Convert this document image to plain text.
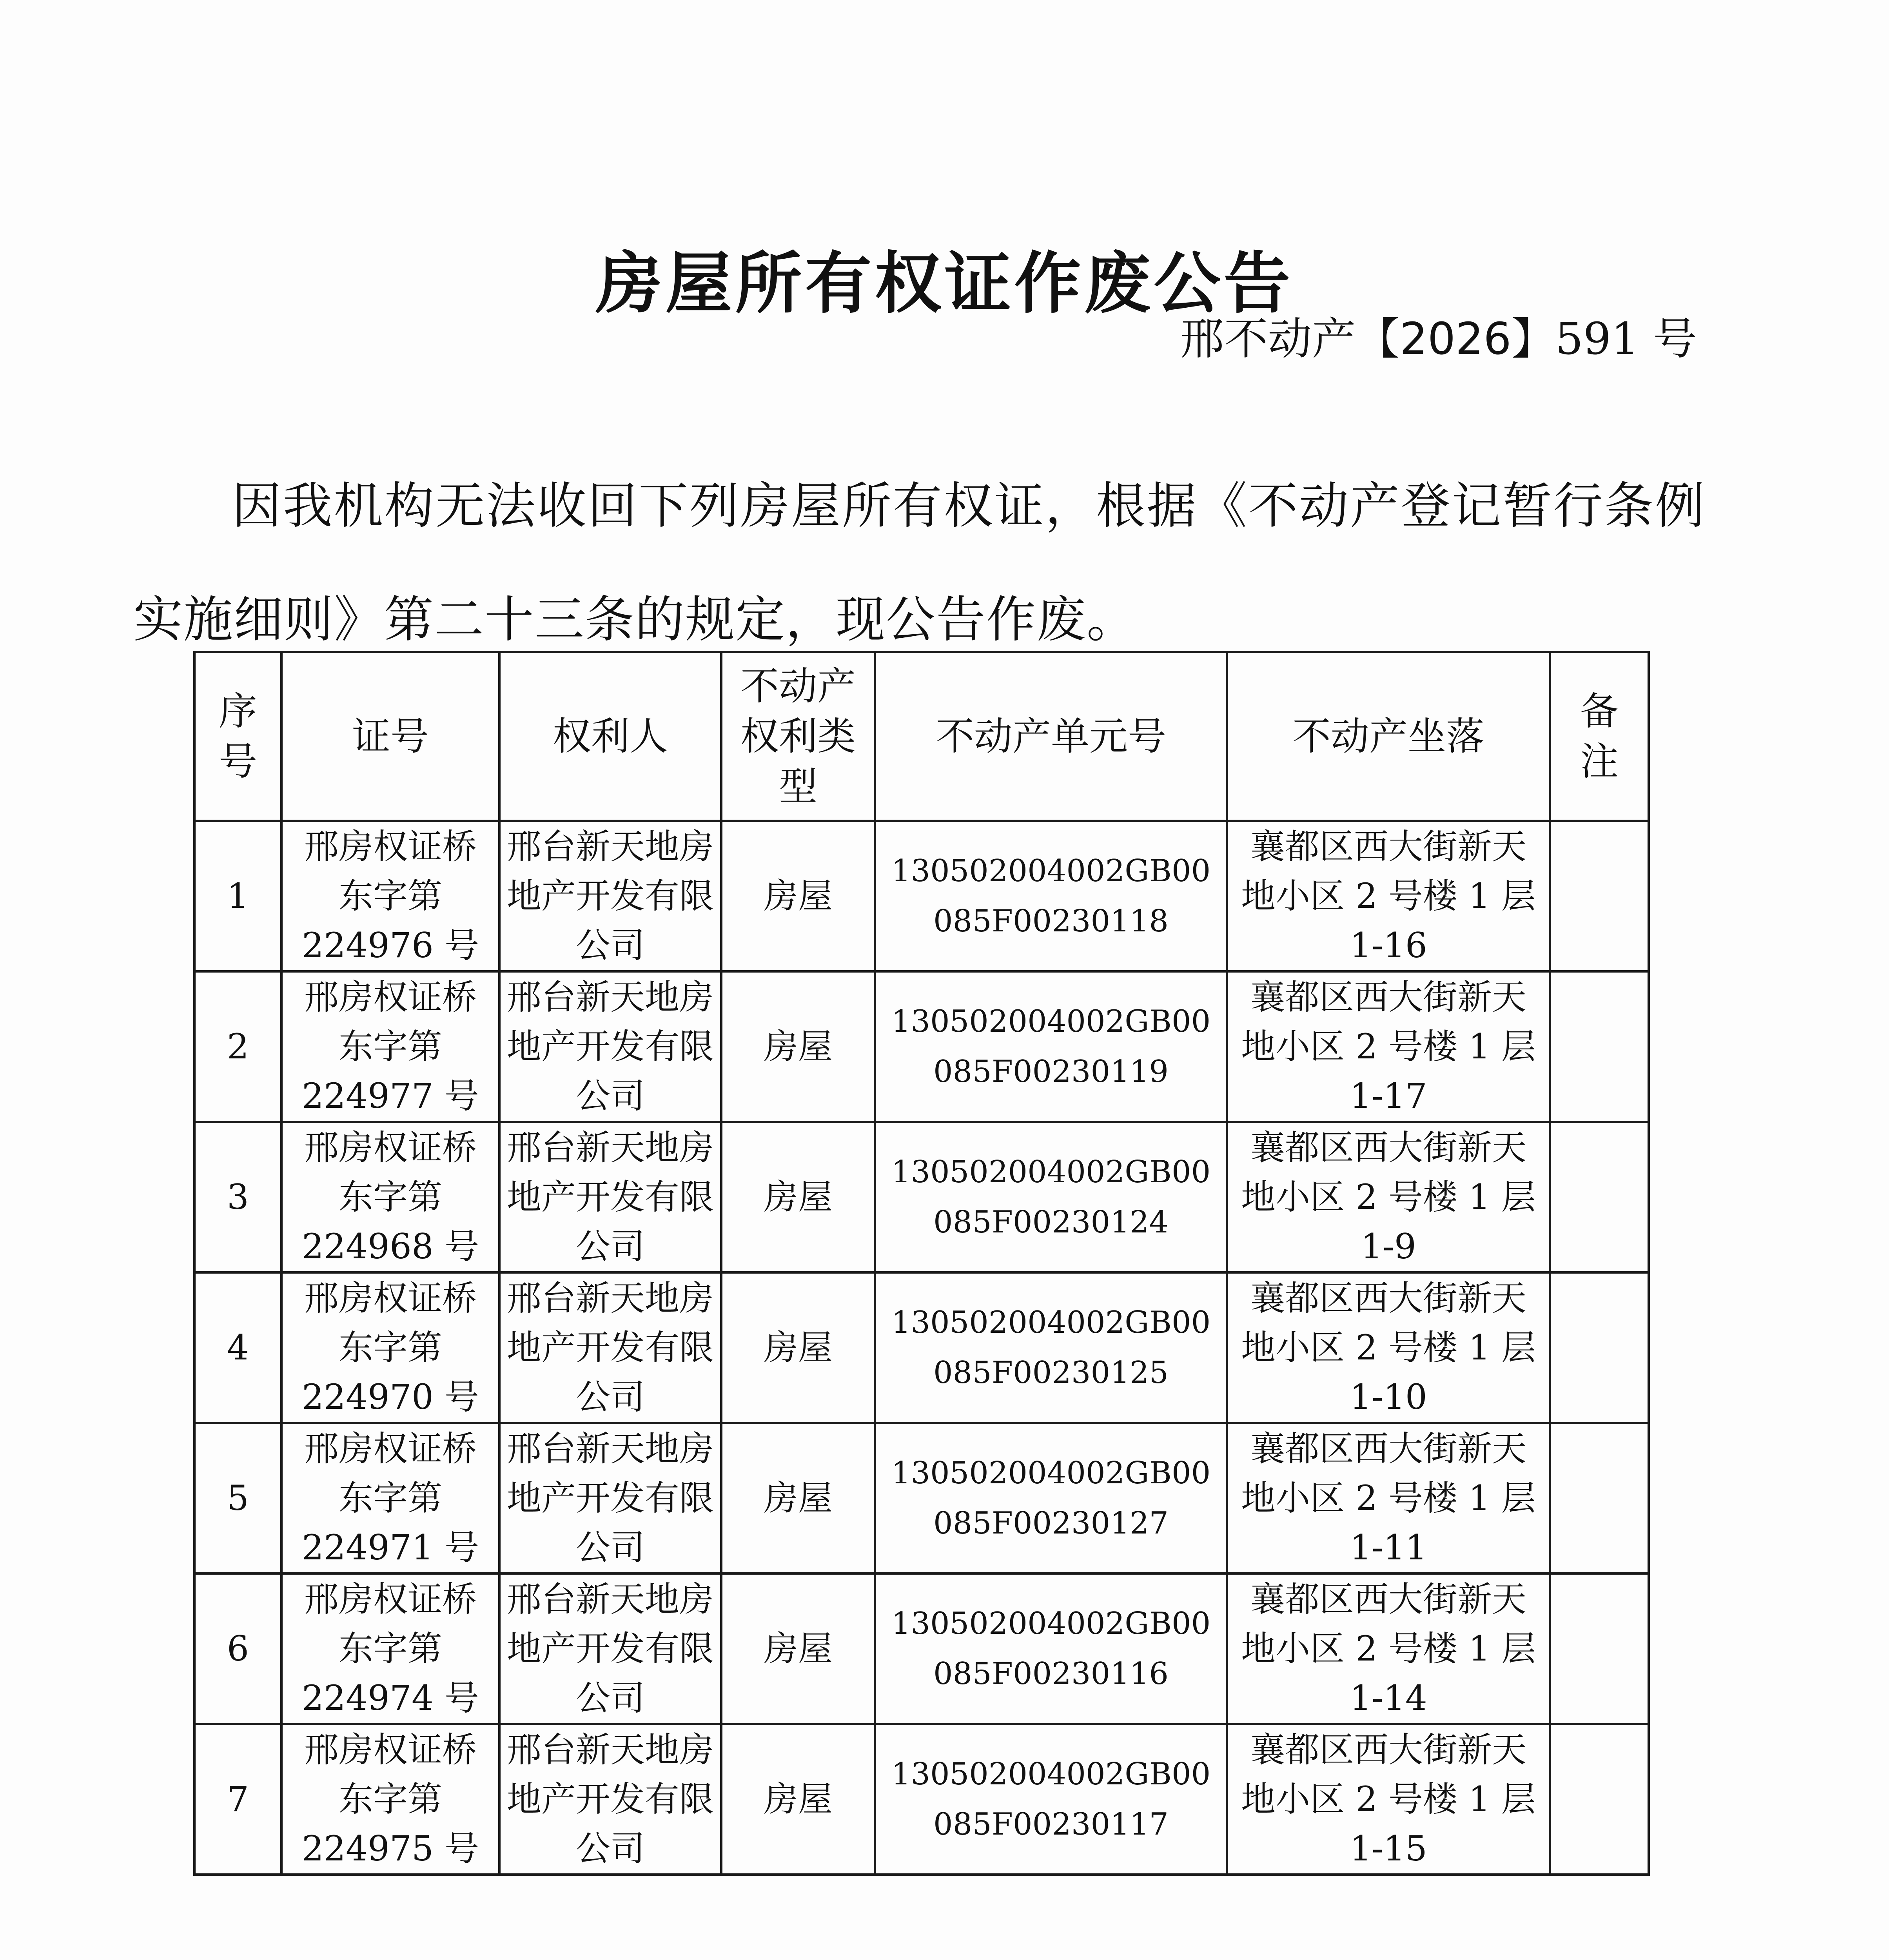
房屋所有权证作废公告
邢不动产【2026】591 号

因我机构无法收回下列房屋所有权证，根据《不动产登记暂行条例实施细则》第二十三条的规定，现公告作废。

序号	证号	权利人	不动产权利类型	不动产单元号	不动产坐落	备注
1	邢房权证桥东字第224976 号	邢台新天地房地产开发有限公司	房屋	130502004002GB00085F00230118	襄都区西大街新天地小区 2 号楼 1 层1-16	
2	邢房权证桥东字第224977 号	邢台新天地房地产开发有限公司	房屋	130502004002GB00085F00230119	襄都区西大街新天地小区 2 号楼 1 层1-17	
3	邢房权证桥东字第224968 号	邢台新天地房地产开发有限公司	房屋	130502004002GB00085F00230124	襄都区西大街新天地小区 2 号楼 1 层1-9	
4	邢房权证桥东字第224970 号	邢台新天地房地产开发有限公司	房屋	130502004002GB00085F00230125	襄都区西大街新天地小区 2 号楼 1 层1-10	
5	邢房权证桥东字第224971 号	邢台新天地房地产开发有限公司	房屋	130502004002GB00085F00230127	襄都区西大街新天地小区 2 号楼 1 层1-11	
6	邢房权证桥东字第224974 号	邢台新天地房地产开发有限公司	房屋	130502004002GB00085F00230116	襄都区西大街新天地小区 2 号楼 1 层1-14	
7	邢房权证桥东字第224975 号	邢台新天地房地产开发有限公司	房屋	130502004002GB00085F00230117	襄都区西大街新天地小区 2 号楼 1 层1-15	
